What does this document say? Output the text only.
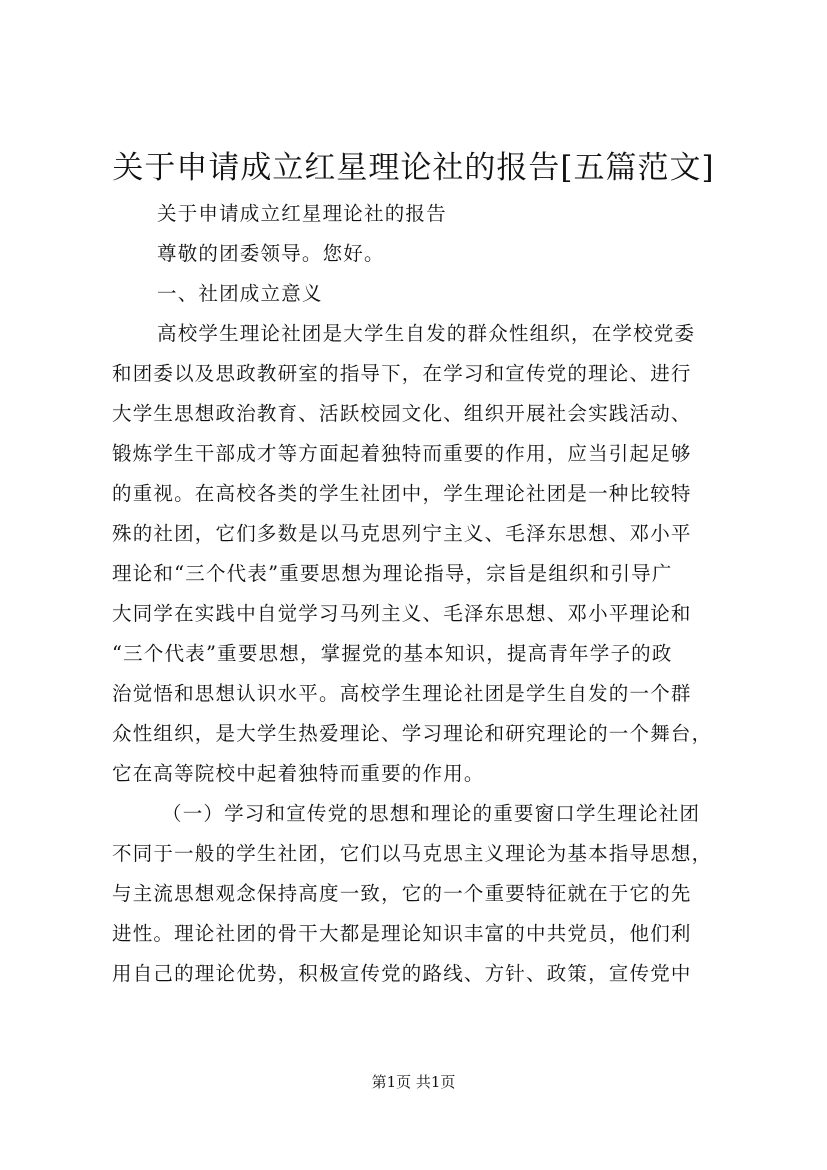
关于申请成立红星理论社的报告[五篇范文]
关于申请成立红星理论社的报告
尊敬的团委领导。您好。
一、社团成立意义
高校学生理论社团是大学生自发的群众性组织，在学校党委
和团委以及思政教研室的指导下，在学习和宣传党的理论、进行
大学生思想政治教育、活跃校园文化、组织开展社会实践活动、
锻炼学生干部成才等方面起着独特而重要的作用，应当引起足够
的重视。在高校各类的学生社团中，学生理论社团是一种比较特
殊的社团，它们多数是以马克思列宁主义、毛泽东思想、邓小平
理论和“三个代表”重要思想为理论指导，宗旨是组织和引导广
大同学在实践中自觉学习马列主义、毛泽东思想、邓小平理论和
“三个代表”重要思想，掌握党的基本知识，提高青年学子的政
治觉悟和思想认识水平。高校学生理论社团是学生自发的一个群
众性组织，是大学生热爱理论、学习理论和研究理论的一个舞台，
它在高等院校中起着独特而重要的作用。
（一）学习和宣传党的思想和理论的重要窗口学生理论社团
不同于一般的学生社团，它们以马克思主义理论为基本指导思想，
与主流思想观念保持高度一致，它的一个重要特征就在于它的先
进性。理论社团的骨干大都是理论知识丰富的中共党员，他们利
用自己的理论优势，积极宣传党的路线、方针、政策，宣传党中
第1页 共1页
